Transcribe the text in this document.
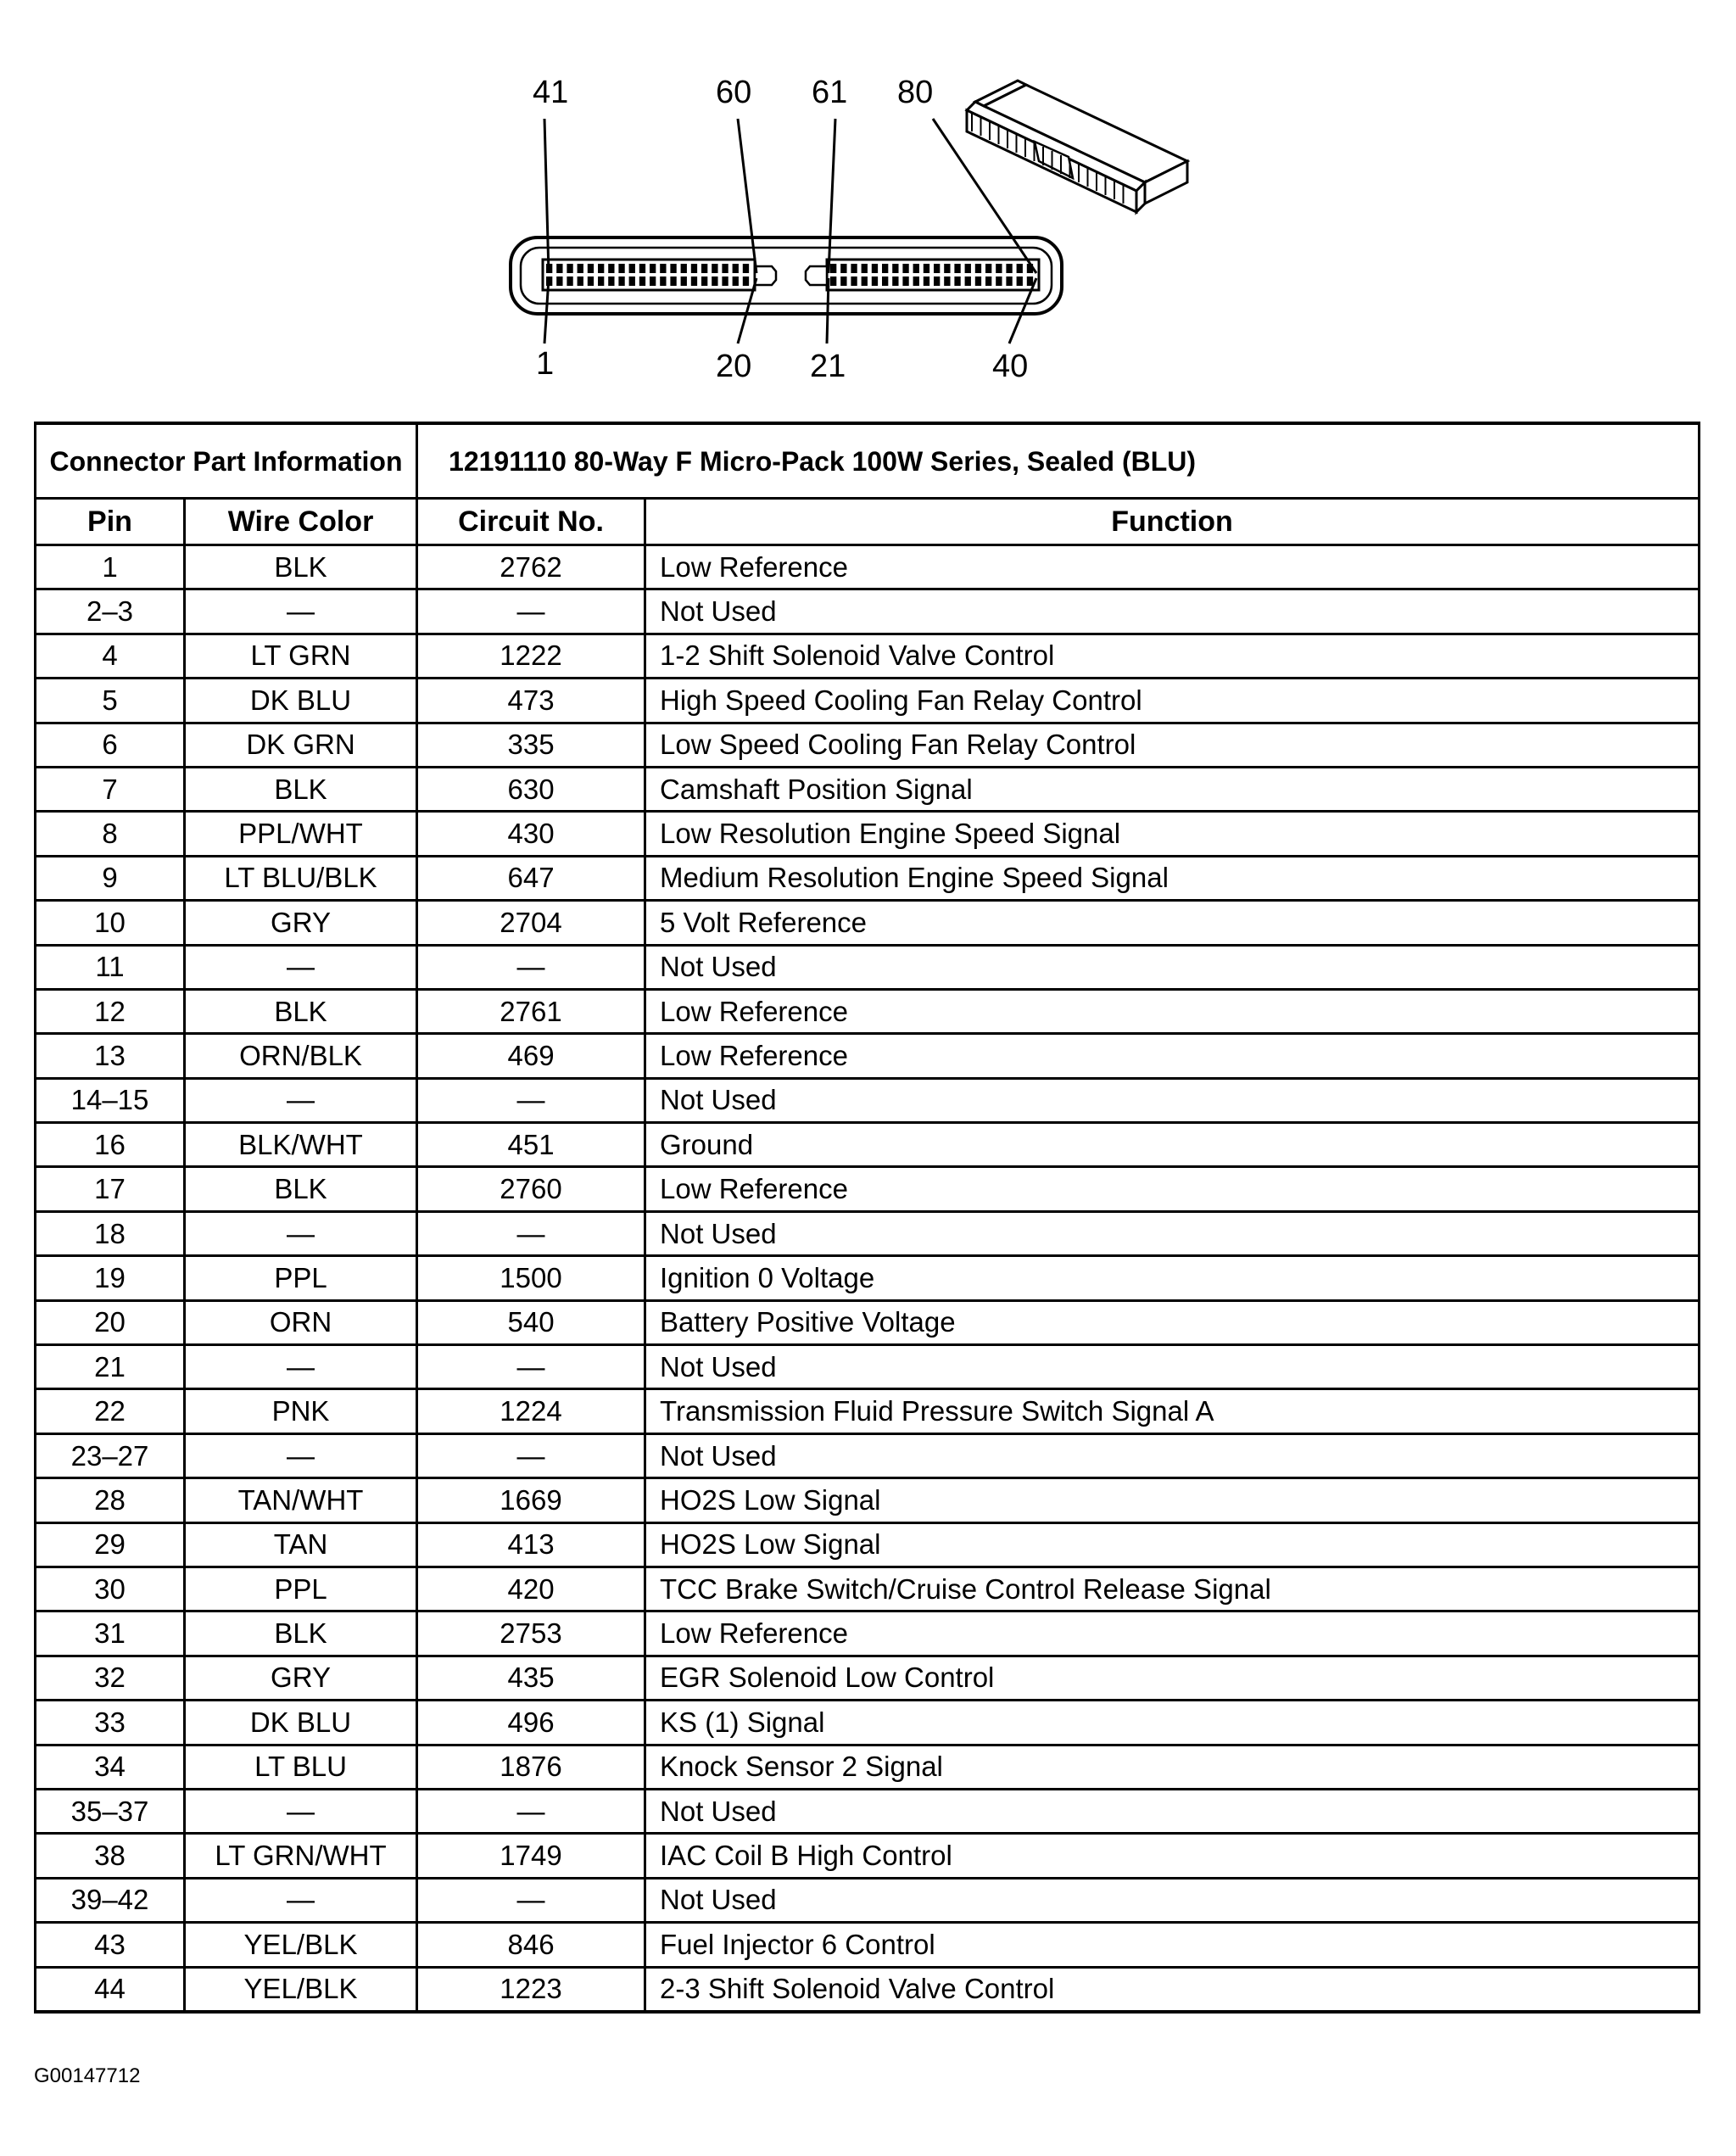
41	60 61 80
1	20 21	40
Connector Part Information		12191110 80-Way F Micro-Pack 100W Series, Sealed (BLU)	
Pin	Wire Color	Circuit No.	Function
1	BLK	2762	Low Reference
2–3	—	—	Not Used
4	LT GRN	1222	1-2 Shift Solenoid Valve Control
5	DK BLU	473	High Speed Cooling Fan Relay Control
6	DK GRN	335	Low Speed Cooling Fan Relay Control
7	BLK	630	Camshaft Position Signal
8	PPL/WHT	430	Low Resolution Engine Speed Signal
9	LT BLU/BLK	647	Medium Resolution Engine Speed Signal
10	GRY	2704	5 Volt Reference
11	—	—	Not Used
12	BLK	2761	Low Reference
13	ORN/BLK	469	Low Reference
14–15	—	—	Not Used
16	BLK/WHT	451	Ground
17	BLK	2760	Low Reference
18	—	—	Not Used
19	PPL	1500	Ignition 0 Voltage
20	ORN	540	Battery Positive Voltage
21	—	—	Not Used
22	PNK	1224	Transmission Fluid Pressure Switch Signal A
23–27	—	—	Not Used
28	TAN/WHT	1669	HO2S Low Signal
29	TAN	413	HO2S Low Signal
30	PPL	420	TCC Brake Switch/Cruise Control Release Signal
31	BLK	2753	Low Reference
32	GRY	435	EGR Solenoid Low Control
33	DK BLU	496	KS (1) Signal
34	LT BLU	1876	Knock Sensor 2 Signal
35–37	—	—	Not Used
38	LT GRN/WHT	1749	IAC Coil B High Control
39–42	—	—	Not Used
43	YEL/BLK	846	Fuel Injector 6 Control
44	YEL/BLK	1223	2-3 Shift Solenoid Valve Control
G00147712
